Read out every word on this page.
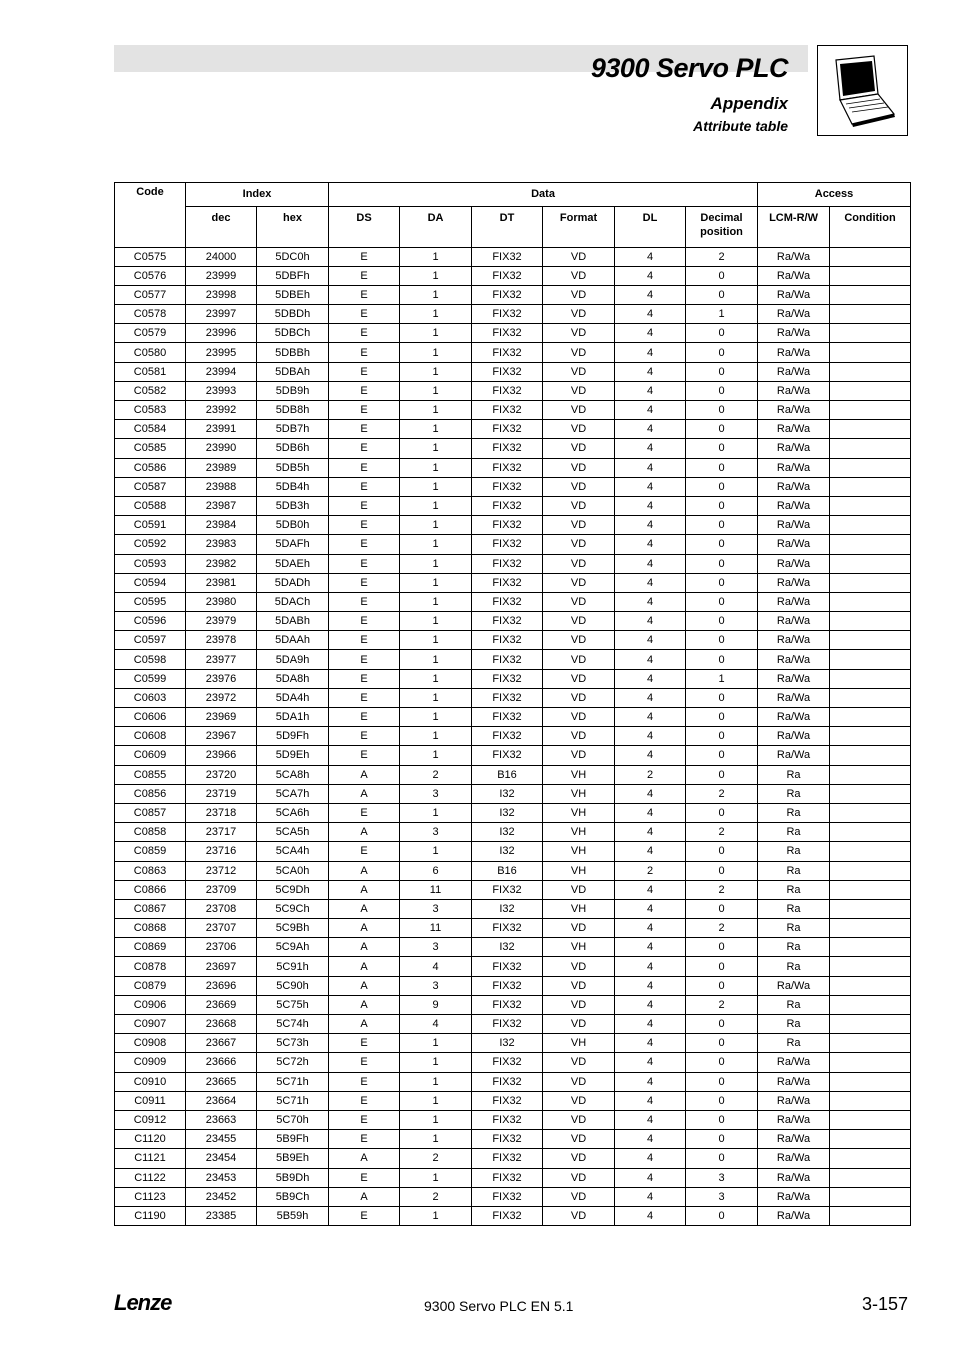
9300 Servo PLC
Appendix
Attribute table
Code	Index		Data						Access	
	dec	hex	DS	DA	DT	Format	DL	Decimal position	LCM-R/W	Condition
C0575	24000	5DC0h	E	1	FIX32	VD	4	2	Ra/Wa	
C0576	23999	5DBFh	E	1	FIX32	VD	4	0	Ra/Wa	
C0577	23998	5DBEh	E	1	FIX32	VD	4	0	Ra/Wa	
C0578	23997	5DBDh	E	1	FIX32	VD	4	1	Ra/Wa	
C0579	23996	5DBCh	E	1	FIX32	VD	4	0	Ra/Wa	
C0580	23995	5DBBh	E	1	FIX32	VD	4	0	Ra/Wa	
C0581	23994	5DBAh	E	1	FIX32	VD	4	0	Ra/Wa	
C0582	23993	5DB9h	E	1	FIX32	VD	4	0	Ra/Wa	
C0583	23992	5DB8h	E	1	FIX32	VD	4	0	Ra/Wa	
C0584	23991	5DB7h	E	1	FIX32	VD	4	0	Ra/Wa	
C0585	23990	5DB6h	E	1	FIX32	VD	4	0	Ra/Wa	
C0586	23989	5DB5h	E	1	FIX32	VD	4	0	Ra/Wa	
C0587	23988	5DB4h	E	1	FIX32	VD	4	0	Ra/Wa	
C0588	23987	5DB3h	E	1	FIX32	VD	4	0	Ra/Wa	
C0591	23984	5DB0h	E	1	FIX32	VD	4	0	Ra/Wa	
C0592	23983	5DAFh	E	1	FIX32	VD	4	0	Ra/Wa	
C0593	23982	5DAEh	E	1	FIX32	VD	4	0	Ra/Wa	
C0594	23981	5DADh	E	1	FIX32	VD	4	0	Ra/Wa	
C0595	23980	5DACh	E	1	FIX32	VD	4	0	Ra/Wa	
C0596	23979	5DABh	E	1	FIX32	VD	4	0	Ra/Wa	
C0597	23978	5DAAh	E	1	FIX32	VD	4	0	Ra/Wa	
C0598	23977	5DA9h	E	1	FIX32	VD	4	0	Ra/Wa	
C0599	23976	5DA8h	E	1	FIX32	VD	4	1	Ra/Wa	
C0603	23972	5DA4h	E	1	FIX32	VD	4	0	Ra/Wa	
C0606	23969	5DA1h	E	1	FIX32	VD	4	0	Ra/Wa	
C0608	23967	5D9Fh	E	1	FIX32	VD	4	0	Ra/Wa	
C0609	23966	5D9Eh	E	1	FIX32	VD	4	0	Ra/Wa	
C0855	23720	5CA8h	A	2	B16	VH	2	0	Ra	
C0856	23719	5CA7h	A	3	I32	VH	4	2	Ra	
C0857	23718	5CA6h	E	1	I32	VH	4	0	Ra	
C0858	23717	5CA5h	A	3	I32	VH	4	2	Ra	
C0859	23716	5CA4h	E	1	I32	VH	4	0	Ra	
C0863	23712	5CA0h	A	6	B16	VH	2	0	Ra	
C0866	23709	5C9Dh	A	11	FIX32	VD	4	2	Ra	
C0867	23708	5C9Ch	A	3	I32	VH	4	0	Ra	
C0868	23707	5C9Bh	A	11	FIX32	VD	4	2	Ra	
C0869	23706	5C9Ah	A	3	I32	VH	4	0	Ra	
C0878	23697	5C91h	A	4	FIX32	VD	4	0	Ra	
C0879	23696	5C90h	A	3	FIX32	VD	4	0	Ra/Wa	
C0906	23669	5C75h	A	9	FIX32	VD	4	2	Ra	
C0907	23668	5C74h	A	4	FIX32	VD	4	0	Ra	
C0908	23667	5C73h	E	1	I32	VH	4	0	Ra	
C0909	23666	5C72h	E	1	FIX32	VD	4	0	Ra/Wa	
C0910	23665	5C71h	E	1	FIX32	VD	4	0	Ra/Wa	
C0911	23664	5C71h	E	1	FIX32	VD	4	0	Ra/Wa	
C0912	23663	5C70h	E	1	FIX32	VD	4	0	Ra/Wa	
C1120	23455	5B9Fh	E	1	FIX32	VD	4	0	Ra/Wa	
C1121	23454	5B9Eh	A	2	FIX32	VD	4	0	Ra/Wa	
C1122	23453	5B9Dh	E	1	FIX32	VD	4	3	Ra/Wa	
C1123	23452	5B9Ch	A	2	FIX32	VD	4	3	Ra/Wa	
C1190	23385	5B59h	E	1	FIX32	VD	4	0	Ra/Wa	
Lenze	9300 Servo PLC EN 5.1	3-157
